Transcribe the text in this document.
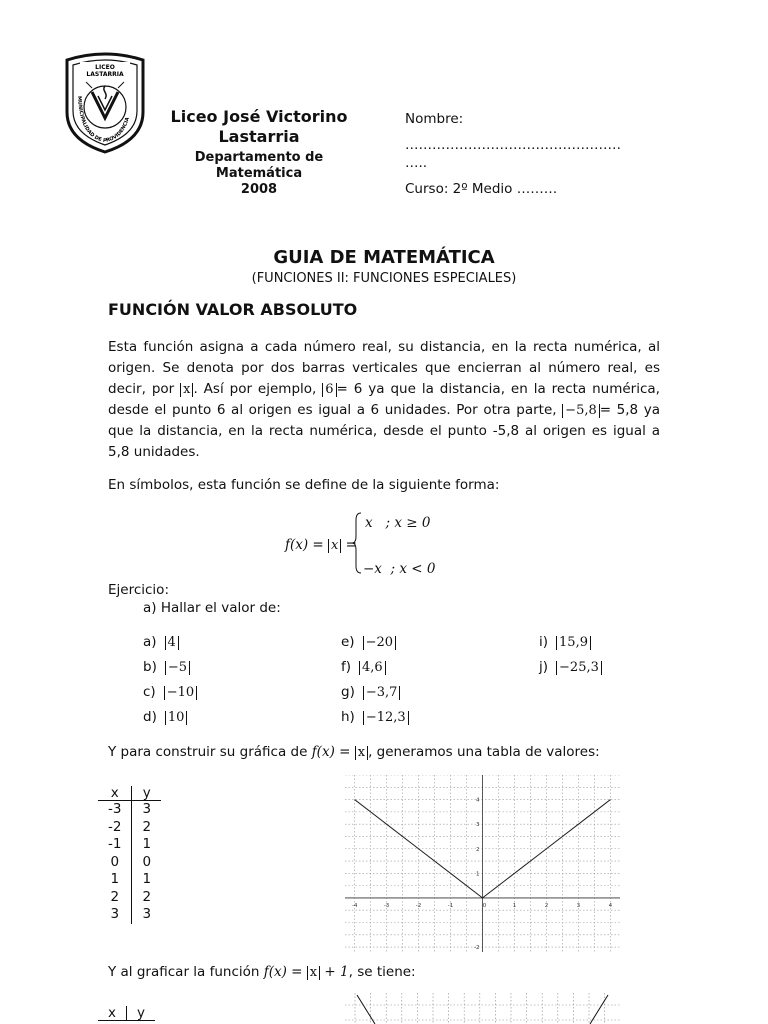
LICEO
LASTARRIA
MUNICIPALIDAD DE PROVIDENCIA	Liceo José Victorino Lastarria
Departamento de Matemática
2008
Nombre:
…………………………………………
…..
Curso: 2º Medio ………
GUIA DE MATEMÁTICA
(FUNCIONES II: FUNCIONES ESPECIALES)
FUNCIÓN VALOR ABSOLUTO
Esta función asigna a cada número real, su distancia, en la recta numérica, al origen. Se denota por dos barras verticales que encierran al número real, es decir, por x . Así por ejemplo, 6 = 6 ya que la distancia, en la recta numérica, desde el punto 6 al origen es igual a 6 unidades. Por otra parte, −5,8 = 5,8 ya que la distancia, en la recta numérica, desde el punto -5,8 al origen es igual a 5,8 unidades.
En símbolos, esta función se define de la siguiente forma:
f(x) = x =
x   ; x ≥ 0
−x  ; x < 0
Ejercicio:
a) Hallar el valor de:
a) 4
b) −5
c) −10
d) 10
e) −20
f) 4,6
g) −3,7
h) −12,3
i) 15,9
j) −25,3
Y para construir su gráfica de f(x) = x , generamos una tabla de valores:
x	y
-3	3
-2	2
-1	1
0	0
1	1
2	2
3	3
-4	-3	-2	-1	0	1	2	3	4
-2
1
2
3
4
Y al graficar la función f(x) = x + 1, se tiene:
x	y
